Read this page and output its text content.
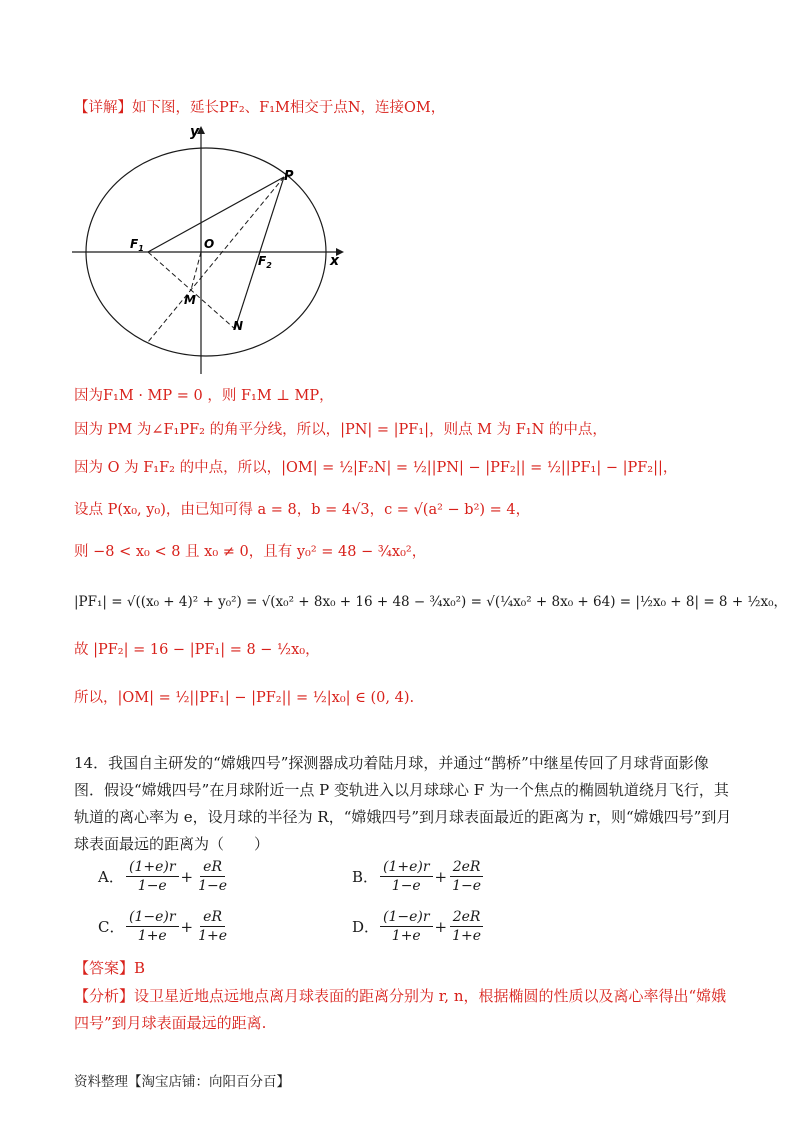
【详解】如下图，延长PF₂、F₁M相交于点N，连接OM，
y
x
P
$F_1$	O
$F_2$
M
N
因为F₁M · MP = 0 ，则 F₁M ⊥ MP，
因为 PM 为∠F₁PF₂ 的角平分线，所以，|PN| = |PF₁|，则点 M 为 F₁N 的中点，
因为 O 为 F₁F₂ 的中点，所以，|OM| = ½|F₂N| = ½||PN| − |PF₂|| = ½||PF₁| − |PF₂||，
设点 P(x₀, y₀)，由已知可得 a = 8，b = 4√3，c = √(a² − b²) = 4，
则 −8 < x₀ < 8 且 x₀ ≠ 0，且有 y₀² = 48 − ¾x₀²，
|PF₁| = √((x₀ + 4)² + y₀²) = √(x₀² + 8x₀ + 16 + 48 − ¾x₀²) = √(¼x₀² + 8x₀ + 64) = |½x₀ + 8| = 8 + ½x₀，
故 |PF₂| = 16 − |PF₁| = 8 − ½x₀，
所以，|OM| = ½||PF₁| − |PF₂|| = ½|x₀| ∈ (0, 4).
14．我国自主研发的“嫦娥四号”探测器成功着陆月球，并通过“鹊桥”中继星传回了月球背面影像图．假设“嫦娥四号”在月球附近一点 P 变轨进入以月球球心 F 为一个焦点的椭圆轨道绕月飞行，其轨道的离心率为 e，设月球的半径为 R，“嫦娥四号”到月球表面最近的距离为 r，则“嫦娥四号”到月球表面最远的距离为（　　）
A． $\frac{(1+e)r}{1-e} + \frac{eR}{1-e}$	B． $\frac{(1+e)r}{1-e} + \frac{2eR}{1-e}$
C． $\frac{(1-e)r}{1+e} + \frac{eR}{1+e}$	D． $\frac{(1-e)r}{1+e} + \frac{2eR}{1+e}$
【答案】B
【分析】设卫星近地点远地点离月球表面的距离分别为 r, n，根据椭圆的性质以及离心率得出“嫦娥四号”到月球表面最远的距离.
资料整理【淘宝店铺：向阳百分百】
